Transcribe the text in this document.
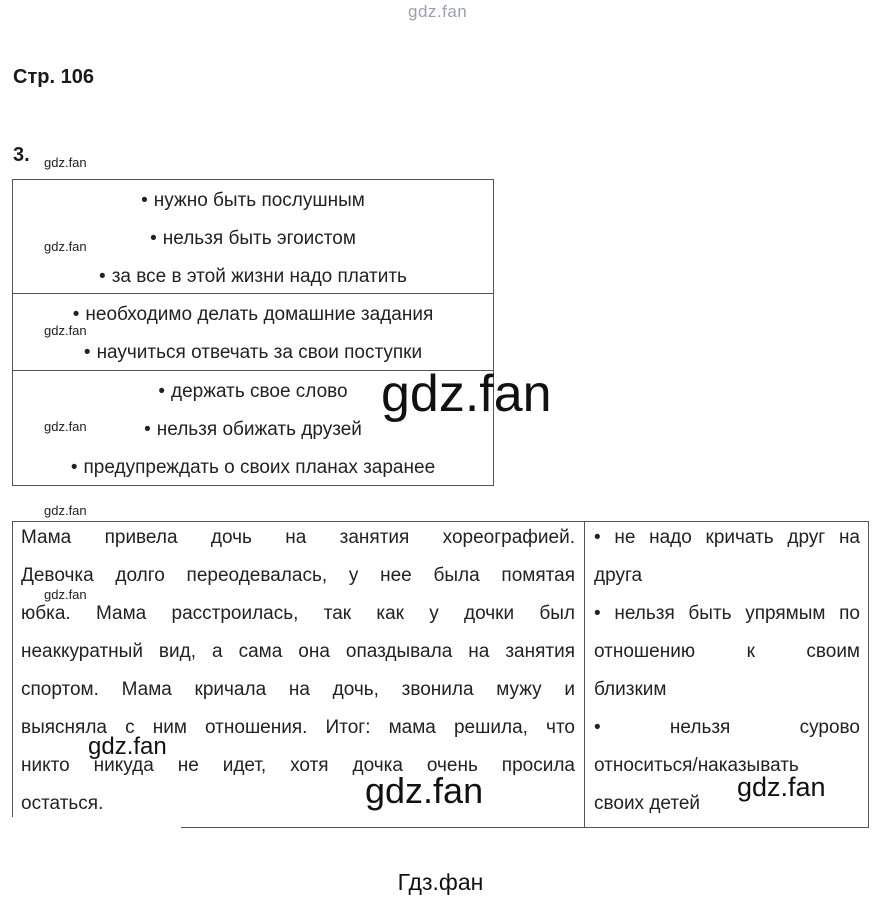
gdz.fan
Стр. 106
3.
• нужно быть послушным
• нельзя быть эгоистом
• за все в этой жизни надо платить
• необходимо делать домашние задания
• научиться отвечать за свои поступки
• держать свое слово
• нельзя обижать друзей
• предупреждать о своих планах заранее
Мама привела дочь на занятия хореографией.
Девочка долго переодевалась, у нее была помятая
юбка. Мама расстроилась, так как у дочки был
неаккуратный вид, а сама она опаздывала на занятия
спортом. Мама кричала на дочь, звонила мужу и
выясняла с ним отношения. Итог: мама решила, что
никто никуда не идет, хотя дочка очень просила
остаться.
• не надо кричать друг на
друга
• нельзя быть упрямым по
отношению к своим
близким
• нельзя сурово
относиться/наказывать
своих детей
gdz.fan
gdz.fan
gdz.fan
gdz.fan
gdz.fan
gdz.fan
gdz.fan
gdz.fan
gdz.fan	gdz.fan
Гдз.фан
